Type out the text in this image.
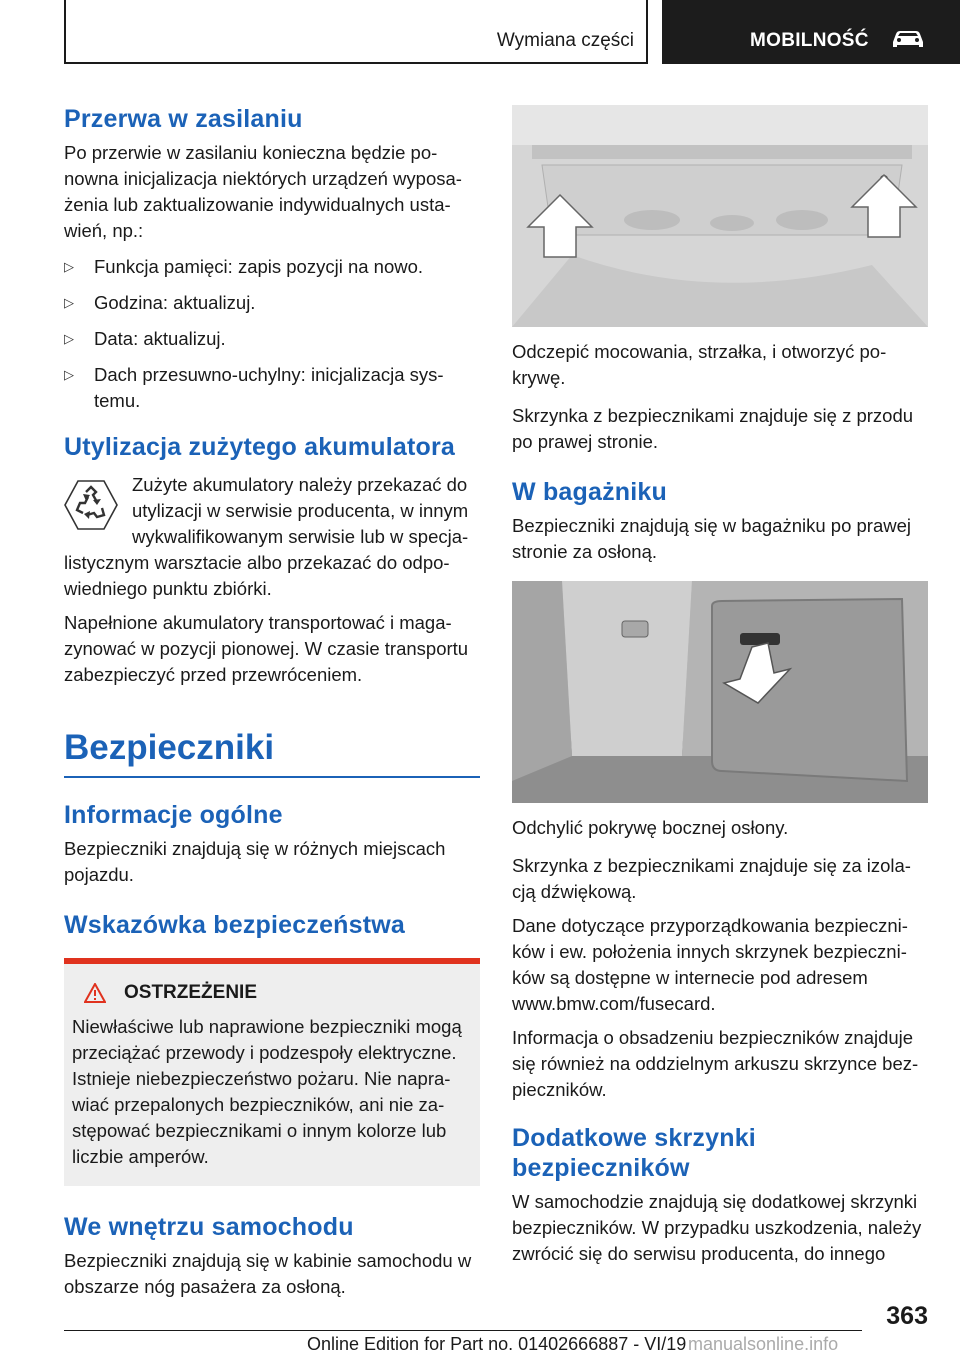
Wymiana części	MOBILNOŚĆ
Przerwa w zasilaniu
Po przerwie w zasilaniu konieczna będzie ponowna inicjalizacja niektórych urządzeń wyposażenia lub zaktualizowanie indywidualnych ustawień, np.:
▷	Funkcja pamięci: zapis pozycji na nowo.
▷	Godzina: aktualizuj.
▷	Data: aktualizuj.
▷	Dach przesuwno-uchylny: inicjalizacja systemu.
Utylizacja zużytego akumulatora
Zużyte akumulatory należy przekazać do utylizacji w serwisie producenta, w innym wykwalifikowanym serwisie lub w specjalistycznym warsztacie albo przekazać do odpowiedniego punktu zbiórki.
Napełnione akumulatory transportować i magazynować w pozycji pionowej. W czasie transportu zabezpieczyć przed przewróceniem.
Bezpieczniki
Informacje ogólne
Bezpieczniki znajdują się w różnych miejscach pojazdu.
Wskazówka bezpieczeństwa
OSTRZEŻENIE
Niewłaściwe lub naprawione bezpieczniki mogą przeciążać przewody i podzespoły elektryczne. Istnieje niebezpieczeństwo pożaru. Nie naprawiać przepalonych bezpieczników, ani nie zastępować bezpiecznikami o innym kolorze lub liczbie amperów.
We wnętrzu samochodu
Bezpieczniki znajdują się w kabinie samochodu w obszarze nóg pasażera za osłoną.
Odczepić mocowania, strzałka, i otworzyć pokrywę.
Skrzynka z bezpiecznikami znajduje się z przodu po prawej stronie.
W bagażniku
Bezpieczniki znajdują się w bagażniku po prawej stronie za osłoną.
Odchylić pokrywę bocznej osłony.
Skrzynka z bezpiecznikami znajduje się za izolacją dźwiękową.
Dane dotyczące przyporządkowania bezpieczników i ew. położenia innych skrzynek bezpieczników są dostępne w internecie pod adresem www.bmw.com/fusecard.
Informacja o obsadzeniu bezpieczników znajduje się również na oddzielnym arkuszu skrzynce bezpieczników.
Dodatkowe skrzynki bezpieczników
W samochodzie znajdują się dodatkowej skrzynki bezpieczników. W przypadku uszkodzenia, należy zwrócić się do serwisu producenta, do innego
363
Online Edition for Part no. 01402666887 - VI/19 manualsonline.info
